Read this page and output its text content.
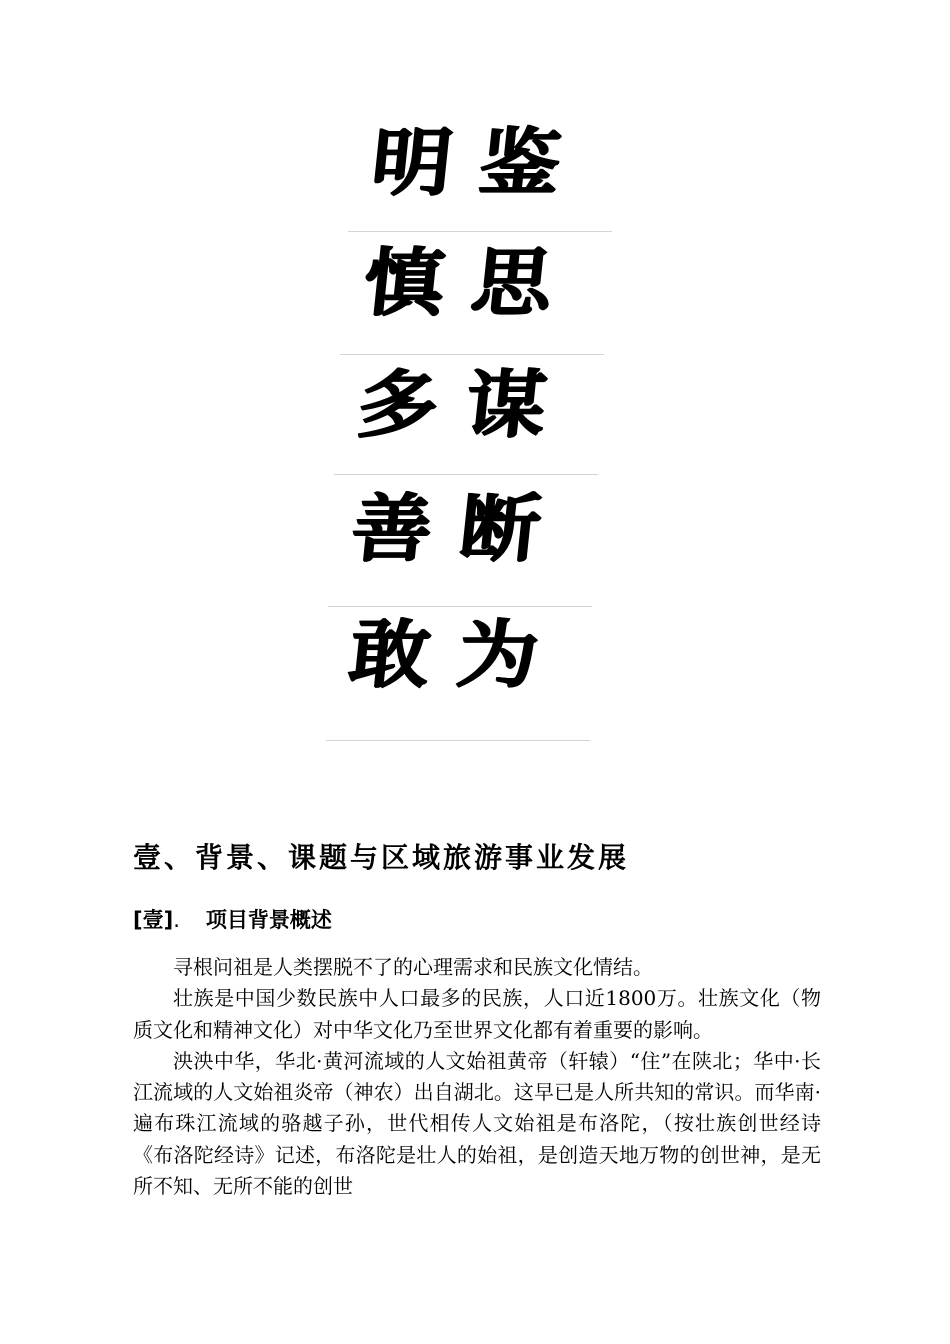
明鉴
慎思
多谋
善断
敢为
壹、背景、课题与区域旅游事业发展
[壹]. 项目背景概述

寻根问祖是人类摆脱不了的心理需求和民族文化情结。

壮族是中国少数民族中人口最多的民族，人口近1800万。壮族文化（物质文化和精神文化）对中华文化乃至世界文化都有着重要的影响。

泱泱中华，华北·黄河流域的人文始祖黄帝（轩辕）“住”在陕北；华中·长江流域的人文始祖炎帝（神农）出自湖北。这早已是人所共知的常识。而华南·遍布珠江流域的骆越子孙，世代相传人文始祖是布洛陀，（按壮族创世经诗《布洛陀经诗》记述，布洛陀是壮人的始祖，是创造天地万物的创世神，是无所不知、无所不能的创世
